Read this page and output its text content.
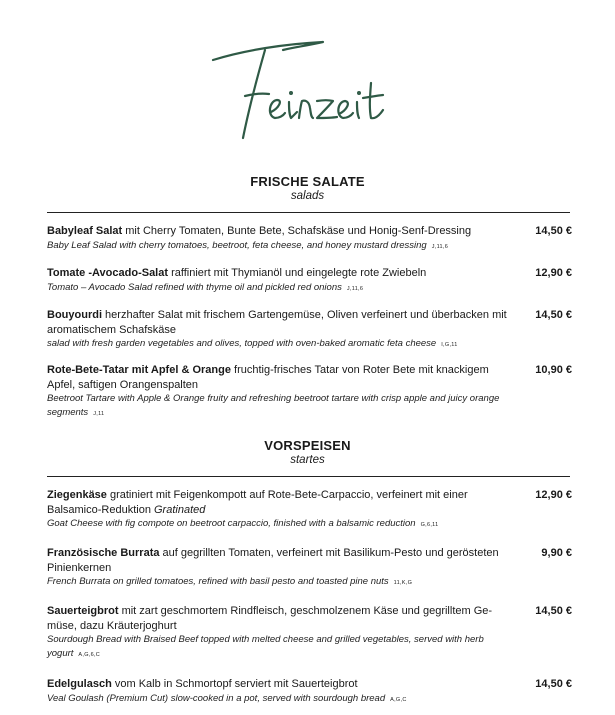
Feinzeit
FRISCHE SALATE
salads
Babyleaf Salat mit Cherry Tomaten, Bunte Bete, Schafskäse und Honig-Senf-Dressing
Baby Leaf Salad with cherry tomatoes, beetroot, feta cheese, and honey mustard dressing J,11,6
14,50 €
Tomate -Avocado-Salat raffiniert mit Thymianöl und eingelegte rote Zwiebeln
Tomato – Avocado Salad refined with thyme oil and pickled red onions J,11,6
12,90 €
Bouyourdi herzhafter Salat mit frischem Gartengemüse, Oliven verfeinert und überbacken mit aromatischem Schafskäse
salad with fresh garden vegetables and olives, topped with oven-baked aromatic feta cheese I,G,11
14,50 €
Rote-Bete-Tatar mit Apfel & Orange fruchtig-frisches Tatar von Roter Bete mit knackigem Apfel, saftigen Orangenspalten
Beetroot Tartare with Apple & Orange fruity and refreshing beetroot tartare with crisp apple and juicy orange segments J,11
10,90 €
VORSPEISEN
startes
Ziegenkäse gratiniert mit Feigenkompott auf Rote-Bete-Carpaccio, verfeinert mit einer Balsamico-Reduktion Gratinated
Goat Cheese with fig compote on beetroot carpaccio, finished with a balsamic reduction G,6,11
12,90 €
Französische Burrata auf gegrillten Tomaten, verfeinert mit Basilikum-Pesto und gerösteten Pinienkernen
French Burrata on grilled tomatoes, refined with basil pesto and toasted pine nuts 11,K,G
9,90 €
Sauerteigbrot mit zart geschmortem Rindfleisch, geschmolzenem Käse und gegrilltem Ge-müse, dazu Kräuterjoghurt
Sourdough Bread with Braised Beef topped with melted cheese and grilled vegetables, served with herb yogurt A,G,6,C
14,50 €
Edelgulasch vom Kalb in Schmortopf serviert mit Sauerteigbrot
Veal Goulash (Premium Cut) slow-cooked in a pot, served with sourdough bread A,G,C
14,50 €
